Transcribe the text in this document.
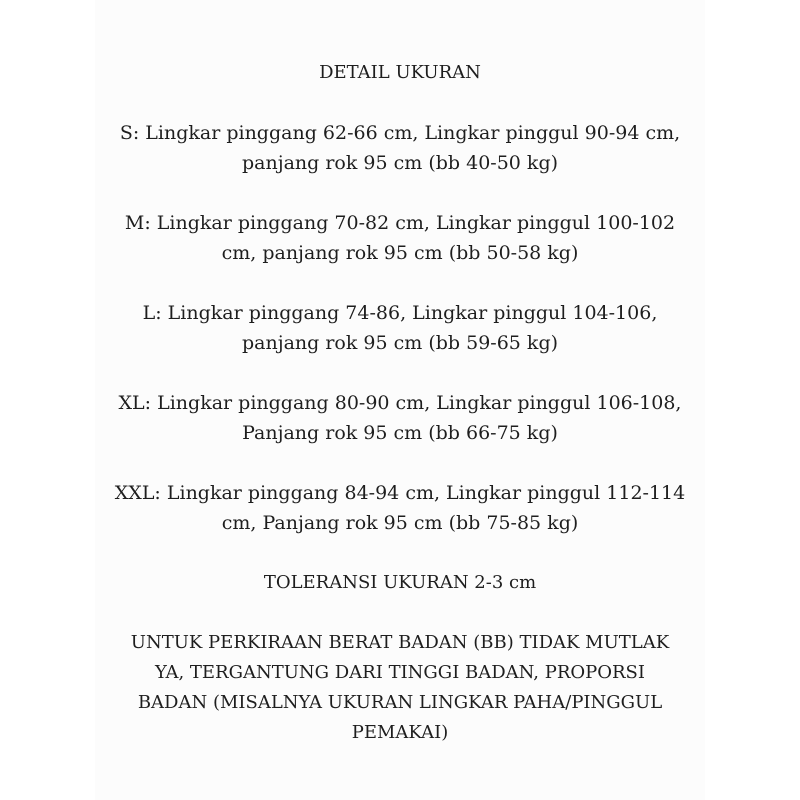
DETAIL UKURAN
S: Lingkar pinggang 62-66 cm, Lingkar pinggul 90-94 cm,
panjang rok 95 cm (bb 40-50 kg)
M: Lingkar pinggang 70-82 cm, Lingkar pinggul 100-102
cm, panjang rok 95 cm (bb 50-58 kg)
L: Lingkar pinggang 74-86, Lingkar pinggul 104-106,
panjang rok 95 cm (bb 59-65 kg)
XL: Lingkar pinggang 80-90 cm, Lingkar pinggul 106-108,
Panjang rok 95 cm (bb 66-75 kg)
XXL: Lingkar pinggang 84-94 cm, Lingkar pinggul 112-114
cm, Panjang rok 95 cm (bb 75-85 kg)
TOLERANSI UKURAN 2-3 cm
UNTUK PERKIRAAN BERAT BADAN (BB) TIDAK MUTLAK
YA, TERGANTUNG DARI TINGGI BADAN, PROPORSI
BADAN (MISALNYA UKURAN LINGKAR PAHA/PINGGUL
PEMAKAI)
